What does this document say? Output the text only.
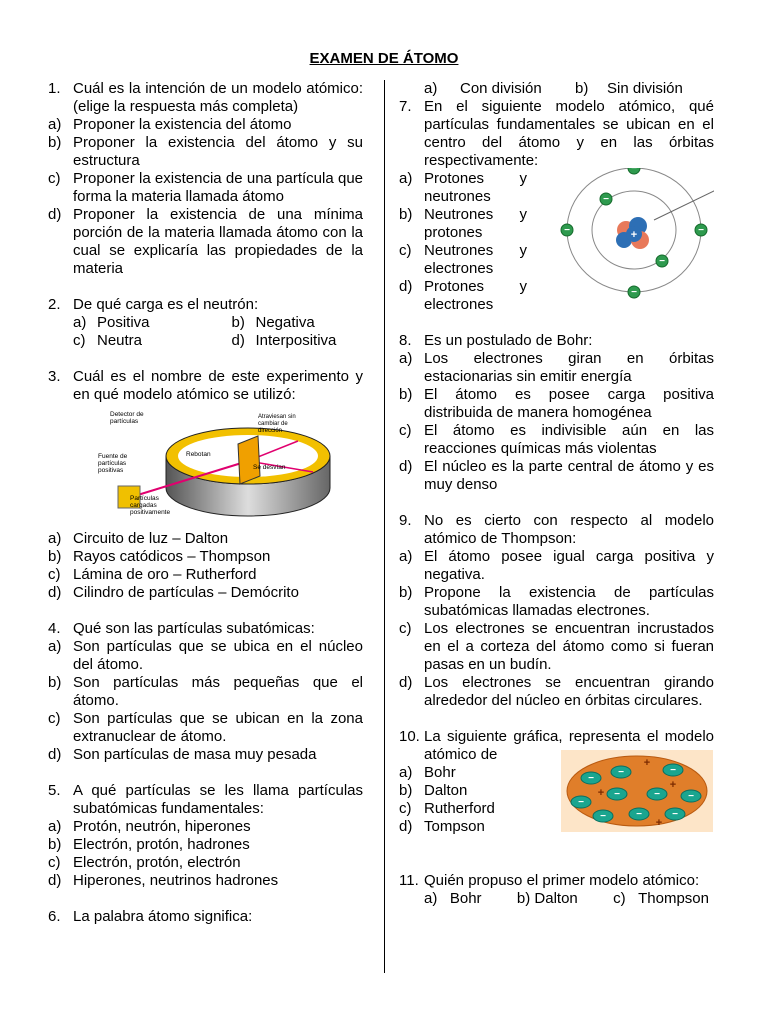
EXAMEN DE ÁTOMO
1. Cuál es la intención de un modelo atómico: (elige la respuesta más completa)
a) Proponer la existencia del átomo
b) Proponer la existencia del átomo y su estructura
c) Proponer la existencia de una partícula que forma la materia llamada átomo
d) Proponer la existencia de una mínima porción de la materia llamada átomo con la cual se explicaría las propiedades de la materia
2. De qué carga es el neutrón:
a) Positiva	b) Negativa
c) Neutra	d) Interpositiva
3. Cuál es el nombre de este experimento y en qué modelo atómico se utilizó:
Detector de
partículas
Atraviesan sin
cambiar de
dirección
Rebotan
Se desvían
Fuente de
partículas
positivas
Partículas
cargadas
positivamente
a) Circuito de luz – Dalton
b) Rayos catódicos – Thompson
c) Lámina de oro – Rutherford
d) Cilindro de partículas – Demócrito
4. Qué son las partículas subatómicas:
a) Son partículas que se ubica en el núcleo del átomo.
b) Son partículas más pequeñas que el átomo.
c) Son partículas que se ubican en la zona extranuclear de átomo.
d) Son partículas de masa muy pesada
5. A qué partículas se les llama partículas subatómicas fundamentales:
a) Protón, neutrón, hiperones
b) Electrón, protón, hadrones
c) Electrón, protón, electrón
d) Hiperones, neutrinos hadrones
6. La palabra átomo significa:
a)	Con división b)	Sin división
7. En el siguiente modelo atómico, qué partículas fundamentales se ubican en el centro del átomo y en las órbitas respectivamente:
a) Protones y neutrones
b) Neutrones y protones
c) Neutrones y electrones
d) Protones y electrones
+
−
−
−	−
−
−
8. Es un postulado de Bohr:
a) Los electrones giran en órbitas estacionarias sin emitir energía
b) El átomo es posee carga positiva distribuida de manera homogénea
c) El átomo es indivisible aún en las reacciones químicas más violentas
d) El núcleo es la parte central de átomo y es muy denso
9. No es cierto con respecto al modelo atómico de Thompson:
a) El átomo posee igual carga positiva y negativa.
b) Propone la existencia de partículas subatómicas llamadas electrones.
c) Los electrones se encuentran incrustados en el a corteza del átomo como si fueran pasas en un budín.
d) Los electrones se encuentran girando alrededor del núcleo en órbitas circulares.
10. La siguiente gráfica, representa el modelo atómico de
a) Bohr
b) Dalton
c) Rutherford
d) Tompson
−
−	−
−
−	−	−
−	−	−
+
+
+
+
11. Quién propuso el primer modelo atómico:
a) Bohr b) Dalton c) Thompson
